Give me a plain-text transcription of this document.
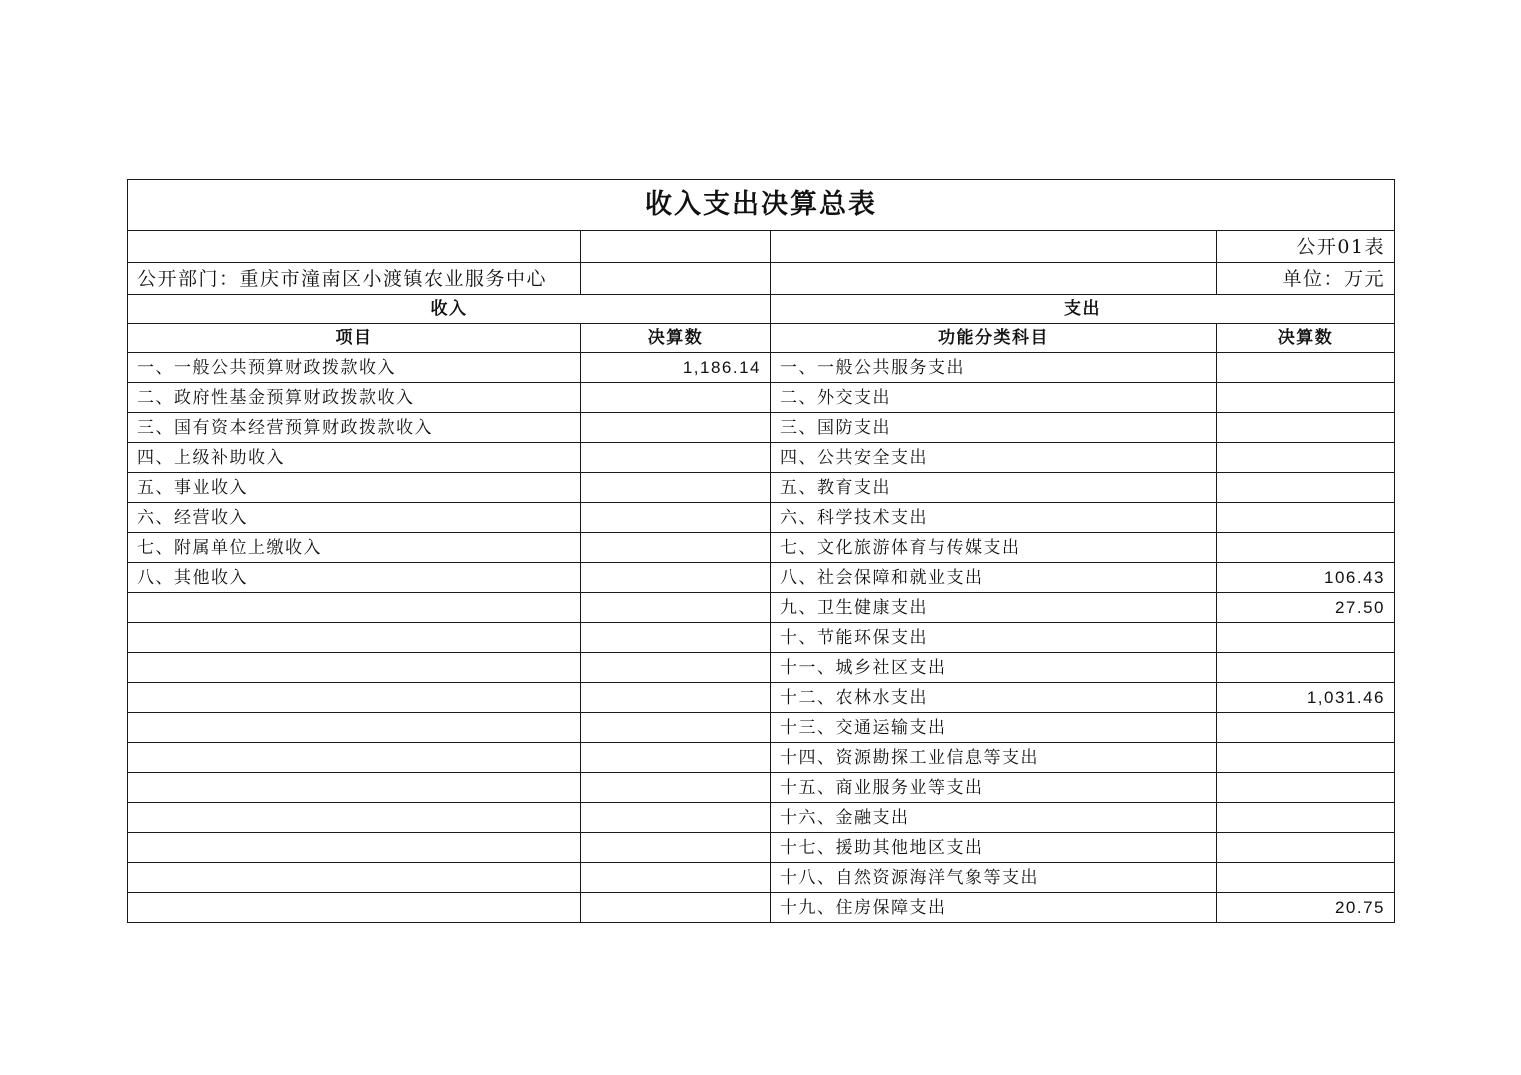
收入支出决算总表			
			公开01表
公开部门：重庆市潼南区小渡镇农业服务中心			单位：万元
收入		支出	
项目	决算数	功能分类科目	决算数
一、一般公共预算财政拨款收入	1,186.14	一、一般公共服务支出	
二、政府性基金预算财政拨款收入		二、外交支出	
三、国有资本经营预算财政拨款收入		三、国防支出	
四、上级补助收入		四、公共安全支出	
五、事业收入		五、教育支出	
六、经营收入		六、科学技术支出	
七、附属单位上缴收入		七、文化旅游体育与传媒支出	
八、其他收入		八、社会保障和就业支出	106.43
		九、卫生健康支出	27.50
		十、节能环保支出	
		十一、城乡社区支出	
		十二、农林水支出	1,031.46
		十三、交通运输支出	
		十四、资源勘探工业信息等支出	
		十五、商业服务业等支出	
		十六、金融支出	
		十七、援助其他地区支出	
		十八、自然资源海洋气象等支出	
		十九、住房保障支出	20.75
